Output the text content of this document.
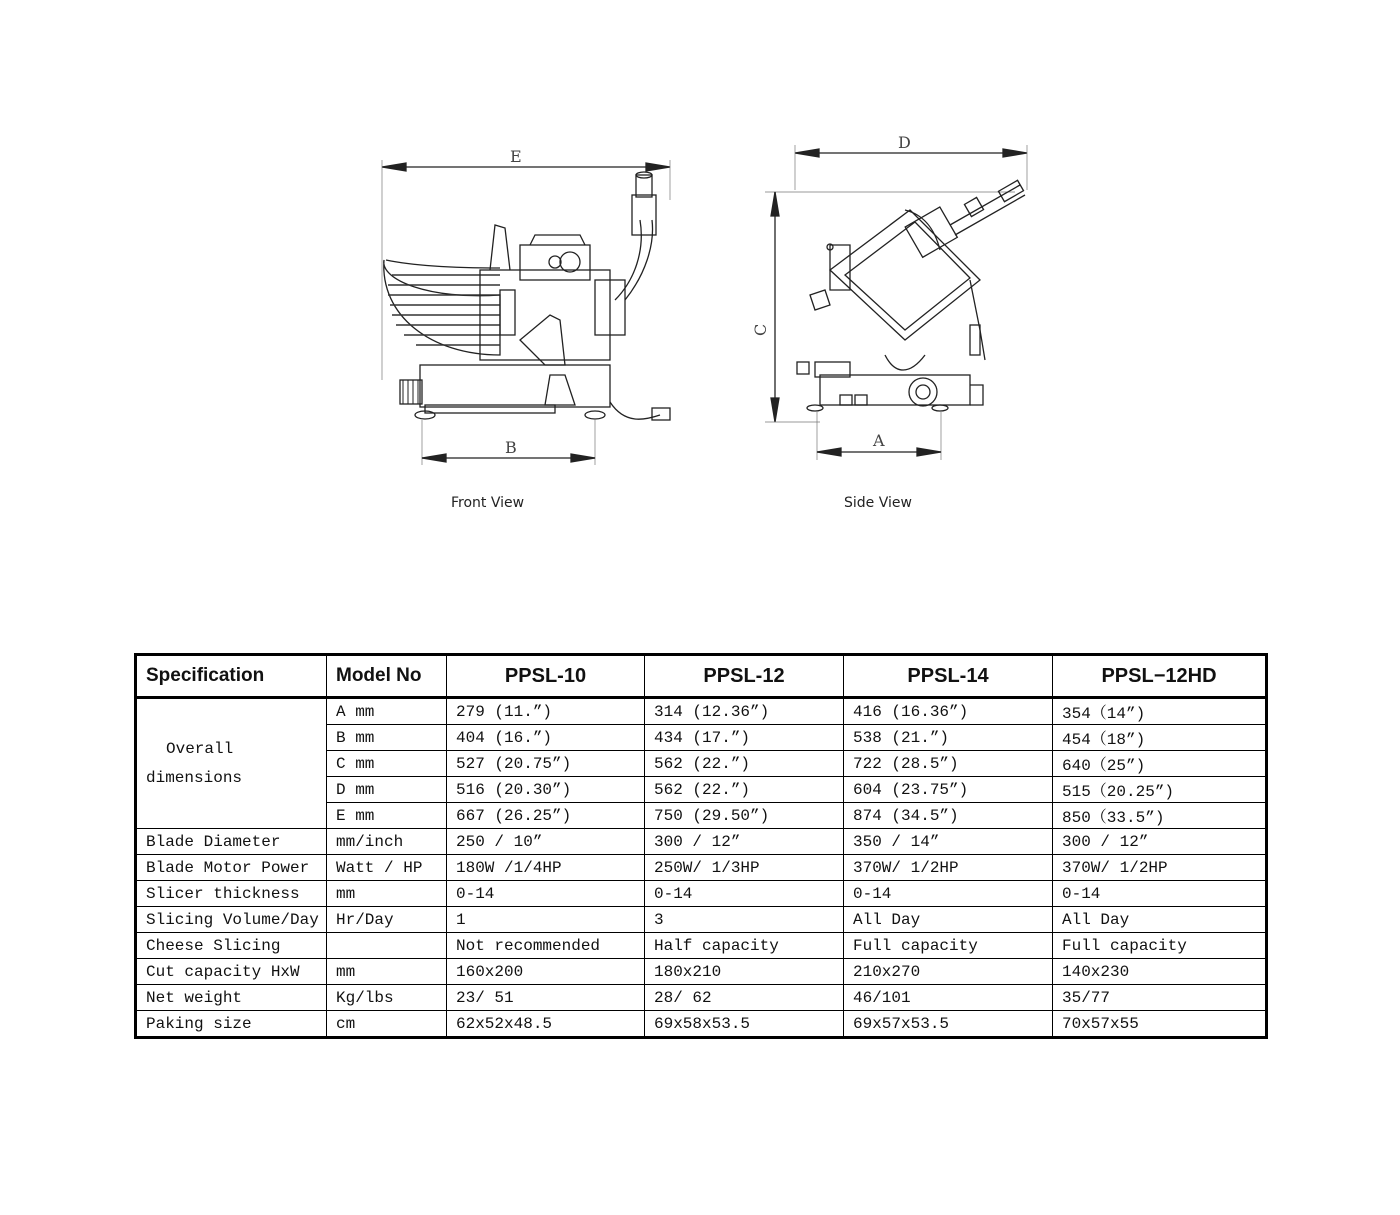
E
B
Front View
D
C
A
Side View
Specification	Model No	PPSL-10	PPSL-12	PPSL-14	PPSL−12HD

Overall
dimensions	A mm	279 (11.”)	314 (12.36”)	416 (16.36”)	354（14”)
	B mm	404 (16.”)	434 (17.”)	538 (21.”)	454（18”)
	C mm	527 (20.75”)	562 (22.”)	722 (28.5”)	640（25”)
	D mm	516 (20.30”)	562 (22.”)	604 (23.75”)	515（20.25”)
	E mm	667 (26.25”)	750 (29.50”)	874 (34.5”)	850（33.5”)
Blade Diameter	mm/inch	250 / 10”	300 / 12”	350 / 14”	300 / 12”
Blade Motor Power	Watt / HP	180W /1/4HP	250W/ 1/3HP	370W/ 1/2HP	370W/ 1/2HP
Slicer thickness	mm	0-14	0-14	0-14	0-14
Slicing Volume/Day	Hr/Day	1	3	All Day	All Day
Cheese Slicing		Not recommended	Half capacity	Full capacity	Full capacity
Cut capacity HxW	mm	160x200	180x210	210x270	140x230
Net weight	Kg/lbs	23/ 51	28/ 62	46/101	35/77
Paking size	cm	62x52x48.5	69x58x53.5	69x57x53.5	70x57x55
